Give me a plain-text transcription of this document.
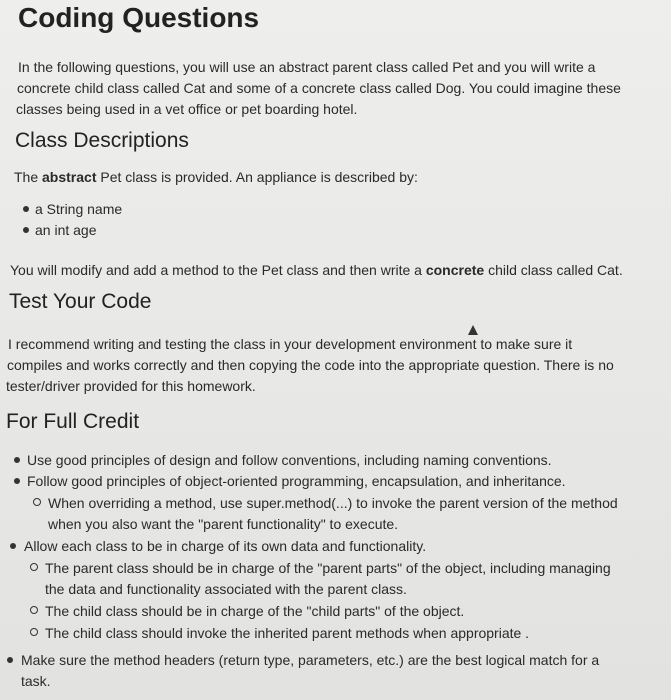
Coding Questions
In the following questions, you will use an abstract parent class called Pet and you will write a
concrete child class called Cat and some of a concrete class called Dog. You could imagine these
classes being used in a vet office or pet boarding hotel.
Class Descriptions
The abstract Pet class is provided. An appliance is described by:
a String name
an int age
You will modify and add a method to the Pet class and then write a concrete child class called Cat.
Test Your Code
I recommend writing and testing the class in your development environment to make sure it
compiles and works correctly and then copying the code into the appropriate question. There is no
tester/driver provided for this homework.
For Full Credit
Use good principles of design and follow conventions, including naming conventions.
Follow good principles of object-oriented programming, encapsulation, and inheritance.
When overriding a method, use super.method(...) to invoke the parent version of the method
when you also want the "parent functionality" to execute.
Allow each class to be in charge of its own data and functionality.
The parent class should be in charge of the "parent parts" of the object, including managing
the data and functionality associated with the parent class.
The child class should be in charge of the "child parts" of the object.
The child class should invoke the inherited parent methods when appropriate .
Make sure the method headers (return type, parameters, etc.) are the best logical match for a
task.
